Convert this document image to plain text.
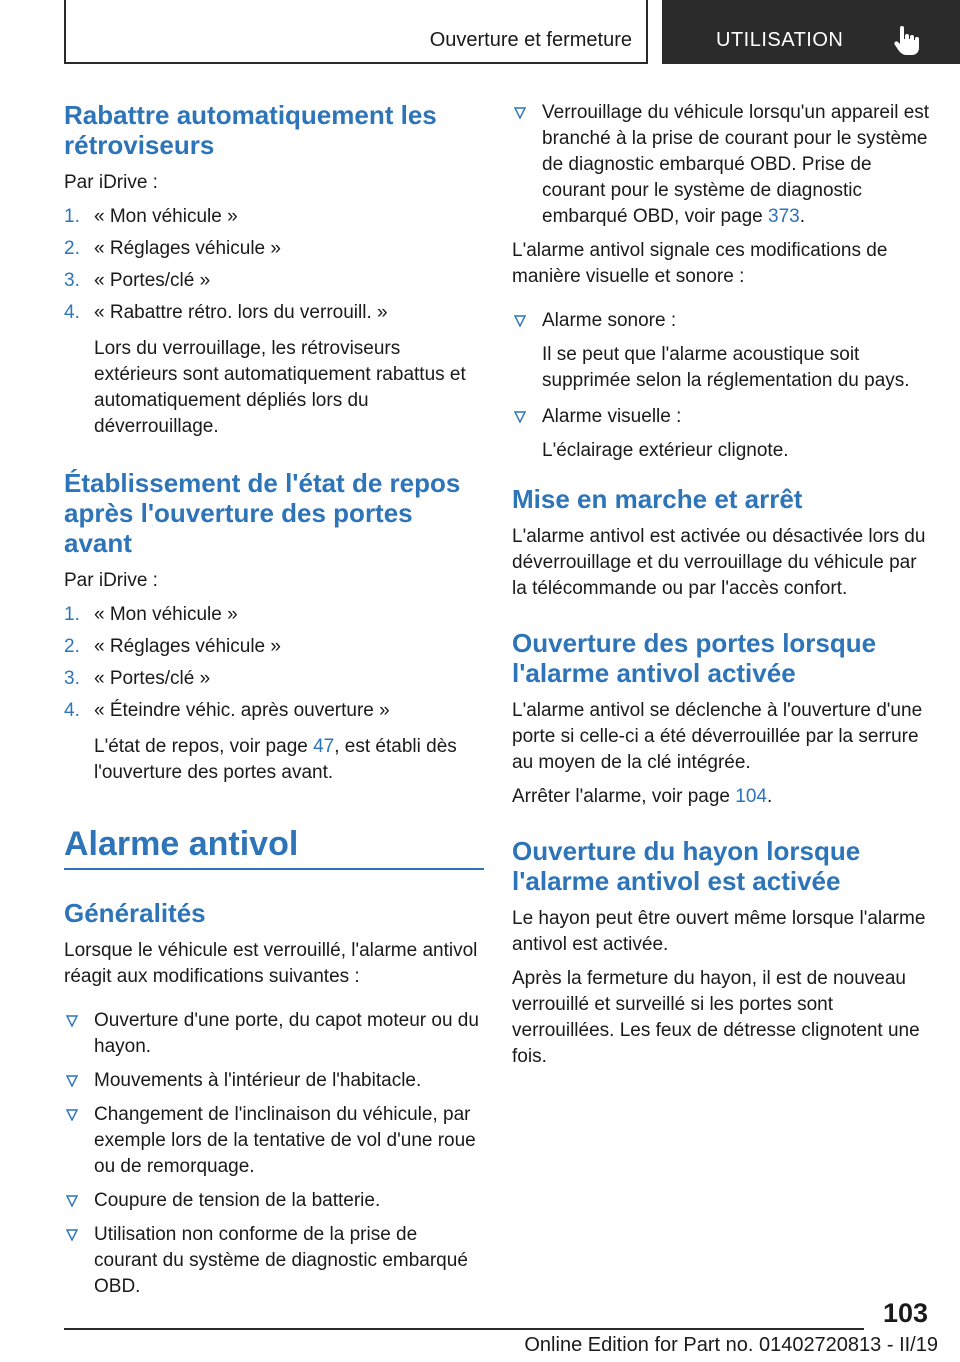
Ouverture et fermeture	UTILISATION
Rabattre automatiquement les rétroviseurs

Par iDrive :

1. « Mon véhicule »
2. « Réglages véhicule »
3. « Portes/clé »
4. « Rabattre rétro. lors du verrouill. »

Lors du verrouillage, les rétroviseurs extérieurs sont automatiquement rabattus et automatiquement dépliés lors du déverrouillage.

Établissement de l'état de repos après l'ouverture des portes avant

Par iDrive :

1. « Mon véhicule »
2. « Réglages véhicule »
3. « Portes/clé »
4. « Éteindre véhic. après ouverture »

L'état de repos, voir page 47, est établi dès l'ouverture des portes avant.

Alarme antivol
Généralités

Lorsque le véhicule est verrouillé, l'alarme antivol réagit aux modifications suivantes :

Ouverture d'une porte, du capot moteur ou du hayon.
Mouvements à l'intérieur de l'habitacle.
Changement de l'inclinaison du véhicule, par exemple lors de la tentative de vol d'une roue ou de remorquage.
Coupure de tension de la batterie.
Utilisation non conforme de la prise de courant du système de diagnostic embarqué OBD.
Verrouillage du véhicule lorsqu'un appareil est branché à la prise de courant pour le système de diagnostic embarqué OBD. Prise de courant pour le système de diagnostic embarqué OBD, voir page 373.

L'alarme antivol signale ces modifications de manière visuelle et sonore :

Alarme sonore :

Il se peut que l'alarme acoustique soit supprimée selon la réglementation du pays.

Alarme visuelle :

L'éclairage extérieur clignote.

Mise en marche et arrêt

L'alarme antivol est activée ou désactivée lors du déverrouillage et du verrouillage du véhicule par la télécommande ou par l'accès confort.

Ouverture des portes lorsque l'alarme antivol activée

L'alarme antivol se déclenche à l'ouverture d'une porte si celle-ci a été déverrouillée par la serrure au moyen de la clé intégrée.

Arrêter l'alarme, voir page 104.

Ouverture du hayon lorsque l'alarme antivol est activée

Le hayon peut être ouvert même lorsque l'alarme antivol est activée.

Après la fermeture du hayon, il est de nouveau verrouillé et surveillé si les portes sont verrouillées. Les feux de détresse clignotent une fois.

103
Online Edition for Part no. 01402720813 - II/19
